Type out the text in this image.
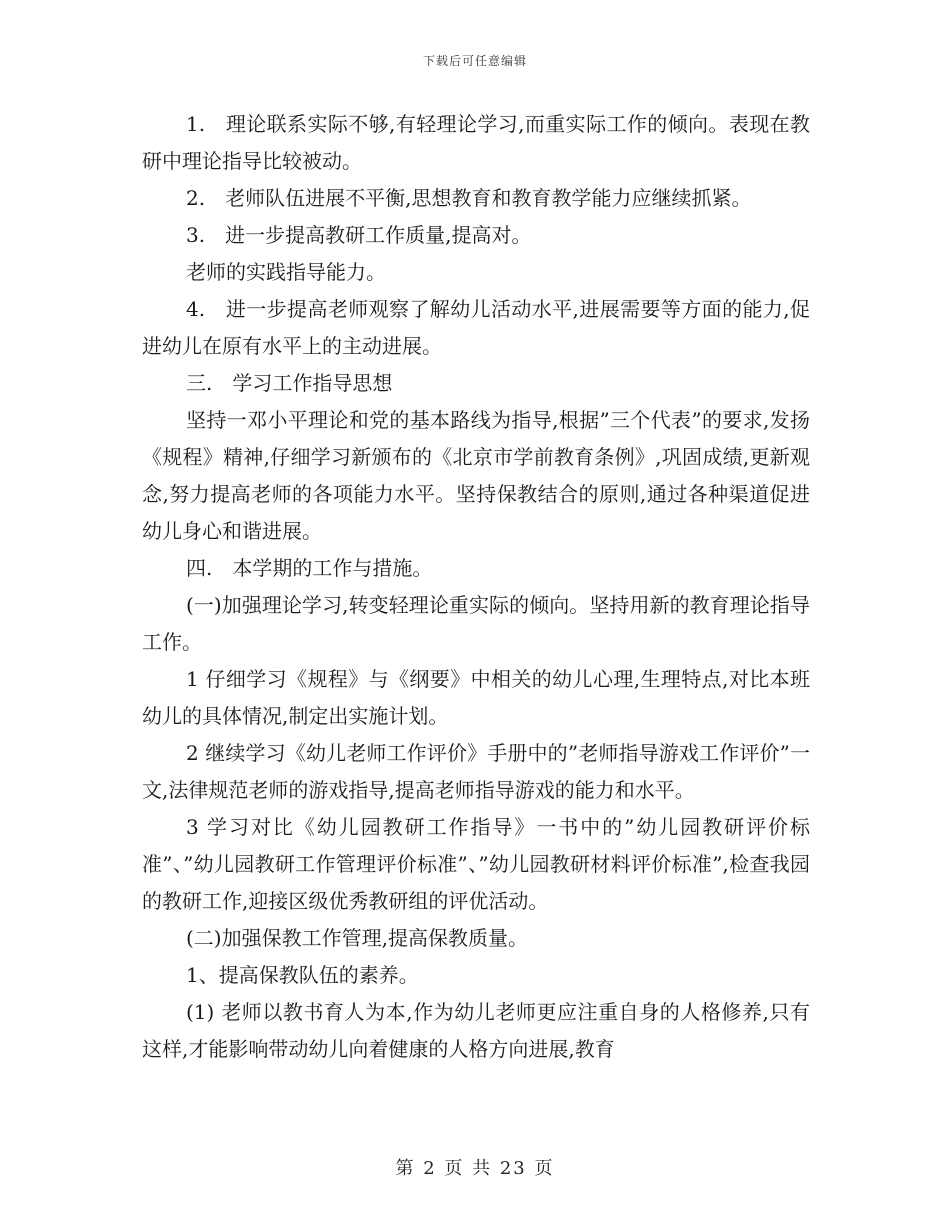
下载后可任意编辑

1.　理论联系实际不够,有轻理论学习,而重实际工作的倾向。表现在教研中理论指导比较被动。

2.　老师队伍进展不平衡,思想教育和教育教学能力应继续抓紧。

3.　进一步提高教研工作质量,提高对。

老师的实践指导能力。

4.　进一步提高老师观察了解幼儿活动水平,进展需要等方面的能力,促进幼儿在原有水平上的主动进展。

三.　学习工作指导思想

坚持一邓小平理论和党的基本路线为指导,根据”三个代表”的要求,发扬《规程》精神,仔细学习新颁布的《北京市学前教育条例》,巩固成绩,更新观念,努力提高老师的各项能力水平。坚持保教结合的原则,通过各种渠道促进幼儿身心和谐进展。

四.　本学期的工作与措施。

(一)加强理论学习,转变轻理论重实际的倾向。坚持用新的教育理论指导工作。

1 仔细学习《规程》与《纲要》中相关的幼儿心理,生理特点,对比本班幼儿的具体情况,制定出实施计划。

2 继续学习《幼儿老师工作评价》手册中的”老师指导游戏工作评价”一文,法律规范老师的游戏指导,提高老师指导游戏的能力和水平。

3 学习对比《幼儿园教研工作指导》一书中的”幼儿园教研评价标准”、”幼儿园教研工作管理评价标准”、”幼儿园教研材料评价标准”,检查我园的教研工作,迎接区级优秀教研组的评优活动。

(二)加强保教工作管理,提高保教质量。

1、提高保教队伍的素养。

(1) 老师以教书育人为本,作为幼儿老师更应注重自身的人格修养,只有这样,才能影响带动幼儿向着健康的人格方向进展,教育

第 2 页 共 23 页
